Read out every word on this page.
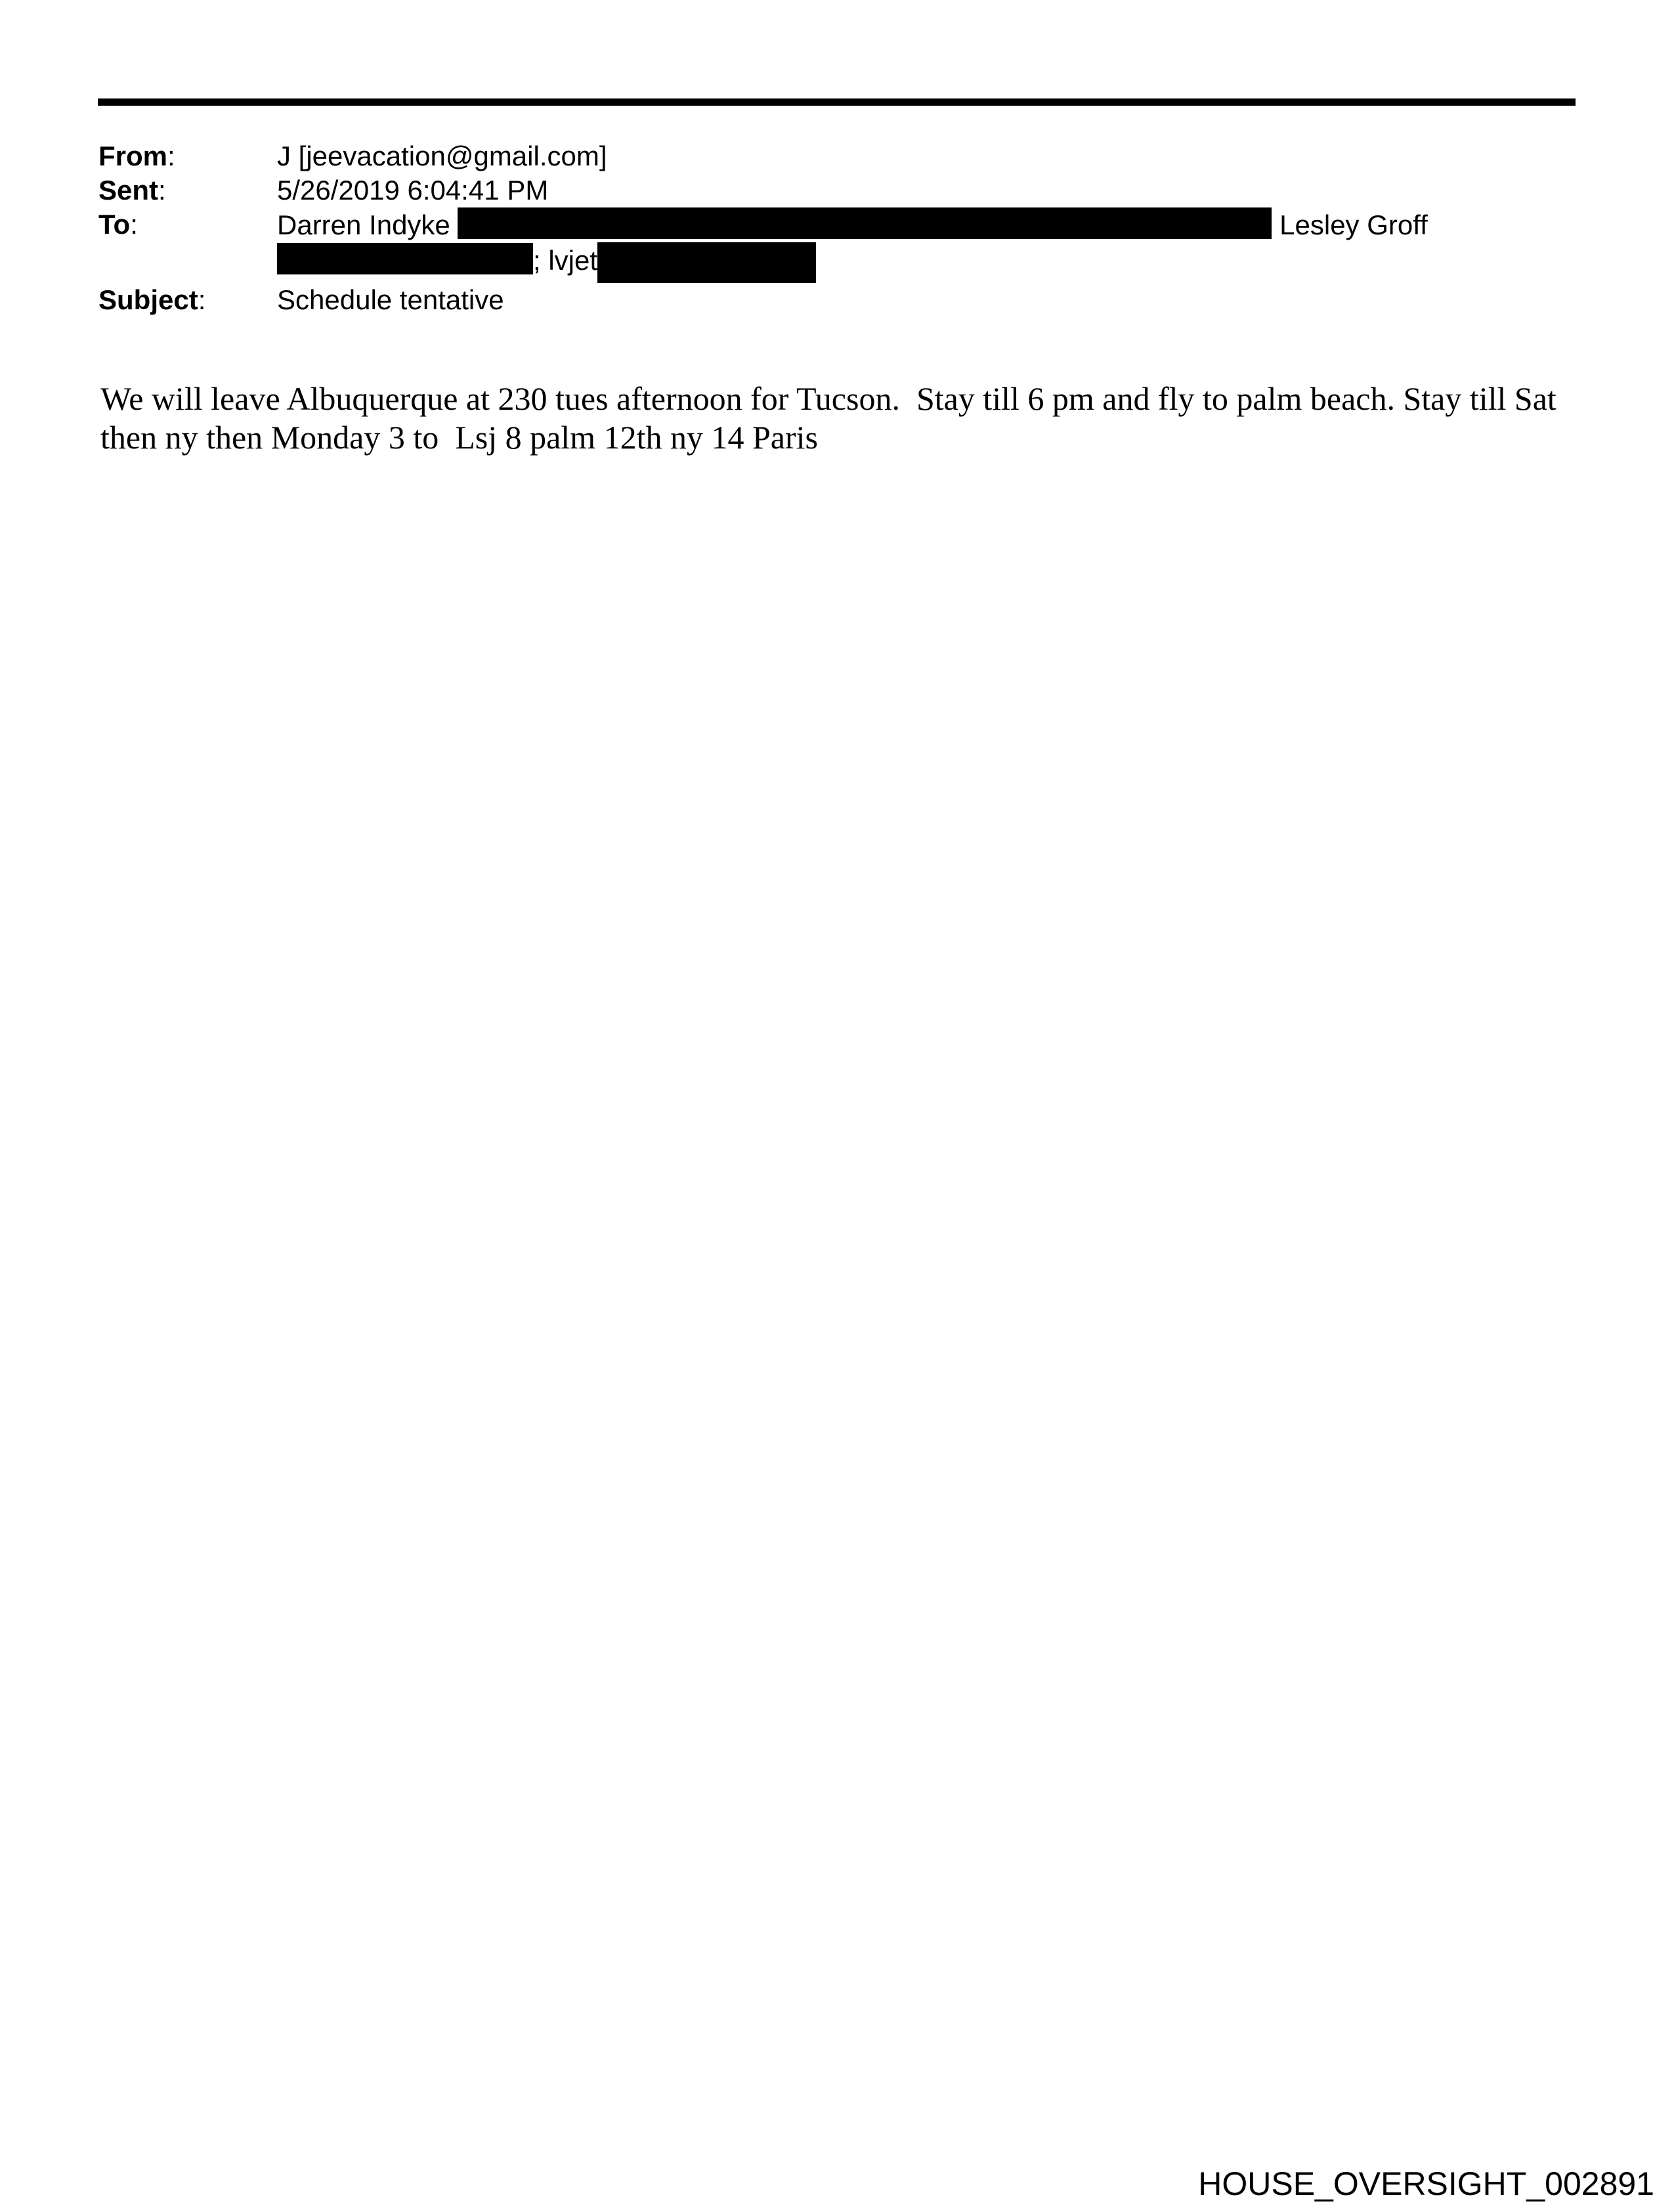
From:	J [jeevacation@gmail.com]
Sent:	5/26/2019 6:04:41 PM
To:	Darren Indyke	Lesley Groff
; lvjet
Subject:	Schedule tentative
We will leave Albuquerque at 230 tues afternoon for Tucson.  Stay till 6 pm and fly to palm beach. Stay till Sat
then ny then Monday 3 to  Lsj 8 palm 12th ny 14 Paris
HOUSE_OVERSIGHT_002891
